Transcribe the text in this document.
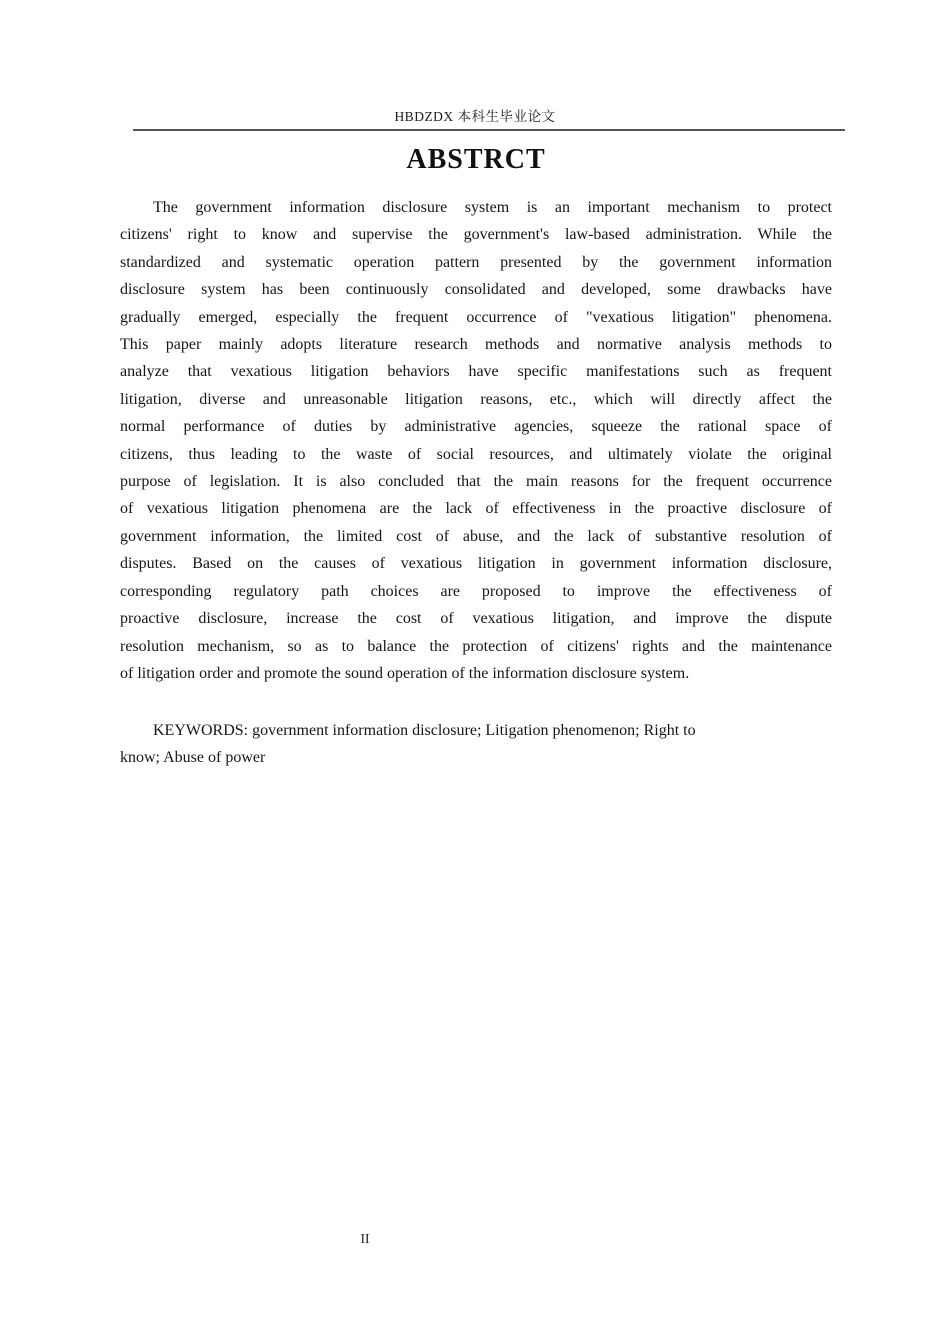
HBDZDX 本科生毕业论文
ABSTRCT
The government information disclosure system is an important mechanism to protect
citizens' right to know and supervise the government's law-based administration. While the
standardized and systematic operation pattern presented by the government information
disclosure system has been continuously consolidated and developed, some drawbacks have
gradually emerged, especially the frequent occurrence of "vexatious litigation" phenomena.
This paper mainly adopts literature research methods and normative analysis methods to
analyze that vexatious litigation behaviors have specific manifestations such as frequent
litigation, diverse and unreasonable litigation reasons, etc., which will directly affect the
normal performance of duties by administrative agencies, squeeze the rational space of
citizens, thus leading to the waste of social resources, and ultimately violate the original
purpose of legislation. It is also concluded that the main reasons for the frequent occurrence
of vexatious litigation phenomena are the lack of effectiveness in the proactive disclosure of
government information, the limited cost of abuse, and the lack of substantive resolution of
disputes. Based on the causes of vexatious litigation in government information disclosure,
corresponding regulatory path choices are proposed to improve the effectiveness of
proactive disclosure, increase the cost of vexatious litigation, and improve the dispute
resolution mechanism, so as to balance the protection of citizens' rights and the maintenance
of litigation order and promote the sound operation of the information disclosure system.
KEYWORDS: government information disclosure; Litigation phenomenon; Right to
know; Abuse of power
II
